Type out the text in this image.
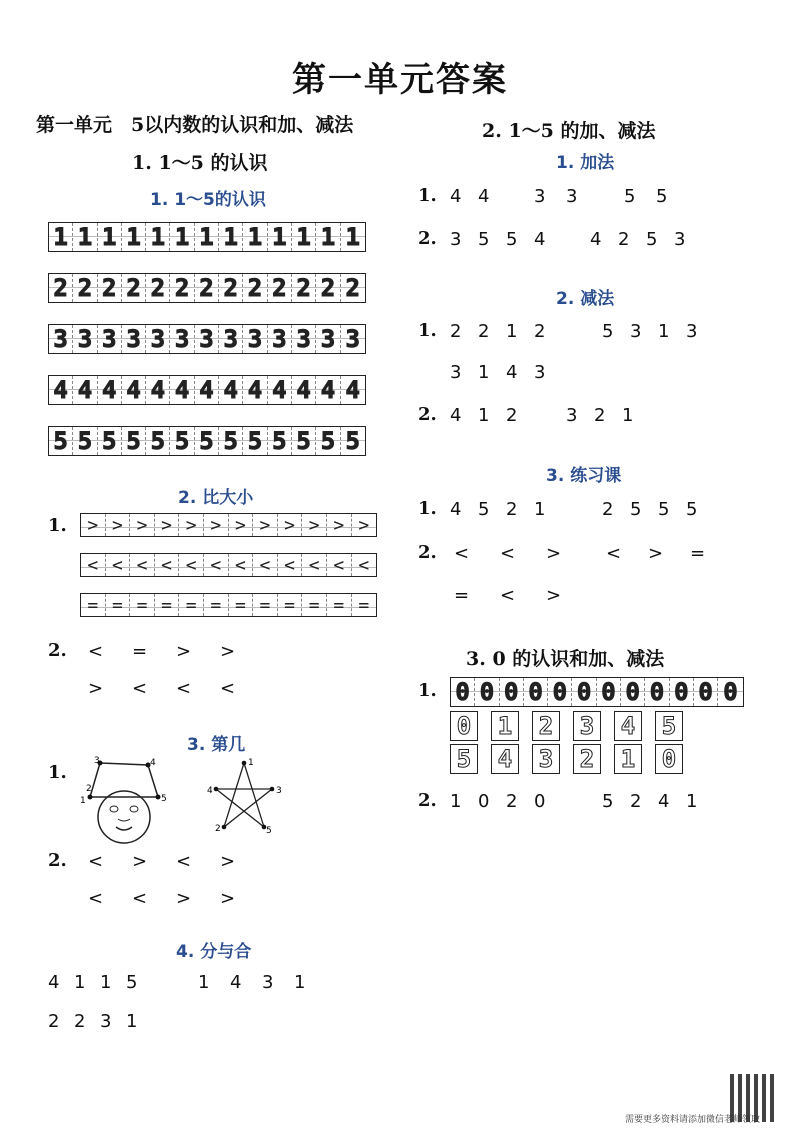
第一单元答案
第一单元　5以内数的认识和加、减法
1. 1～5 的认识
1. 1～5的认识
1 1 1 1 1 1 1 1 1 1 1 1 1
2 2 2 2 2 2 2 2 2 2 2 2 2
3 3 3 3 3 3 3 3 3 3 3 3 3
4 4 4 4 4 4 4 4 4 4 4 4 4
5 5 5 5 5 5 5 5 5 5 5 5 5
2. 比大小
1.	> > > > > > > > > > > >
< < < < < < < < < < < <
= = = = = = = = = = = =
2. <	=	>	>
>	<	<	<
3. 第几
1.
3	4
5
1
2
1
4	3
2	5
2. <	>	<	>
<	<	>	>
4. 分与合
4 1 1 5	1	4	3	1
2 2 3 1
2. 1～5 的加、减法
1. 加法
1. 4 4	3	3	5	5
2. 3 5 5 4	4 2 5 3
2. 减法
1. 2 2 1 2	5 3 1 3
3 1 4 3
2. 4 1 2	3 2 1
3. 练习课
1. 4 5 2 1	2 5 5 5
2. <	<	>	<	>	=
=	<	>
3. 0 的认识和加、减法
1. 0 0 0 0 0 0 0 0 0 0 0 0
0 1 2 3 4 5
5 4 3 2 1 0
2. 1 0 2 0	5 2 4 1
需要更多资料请添加微信老师领取
